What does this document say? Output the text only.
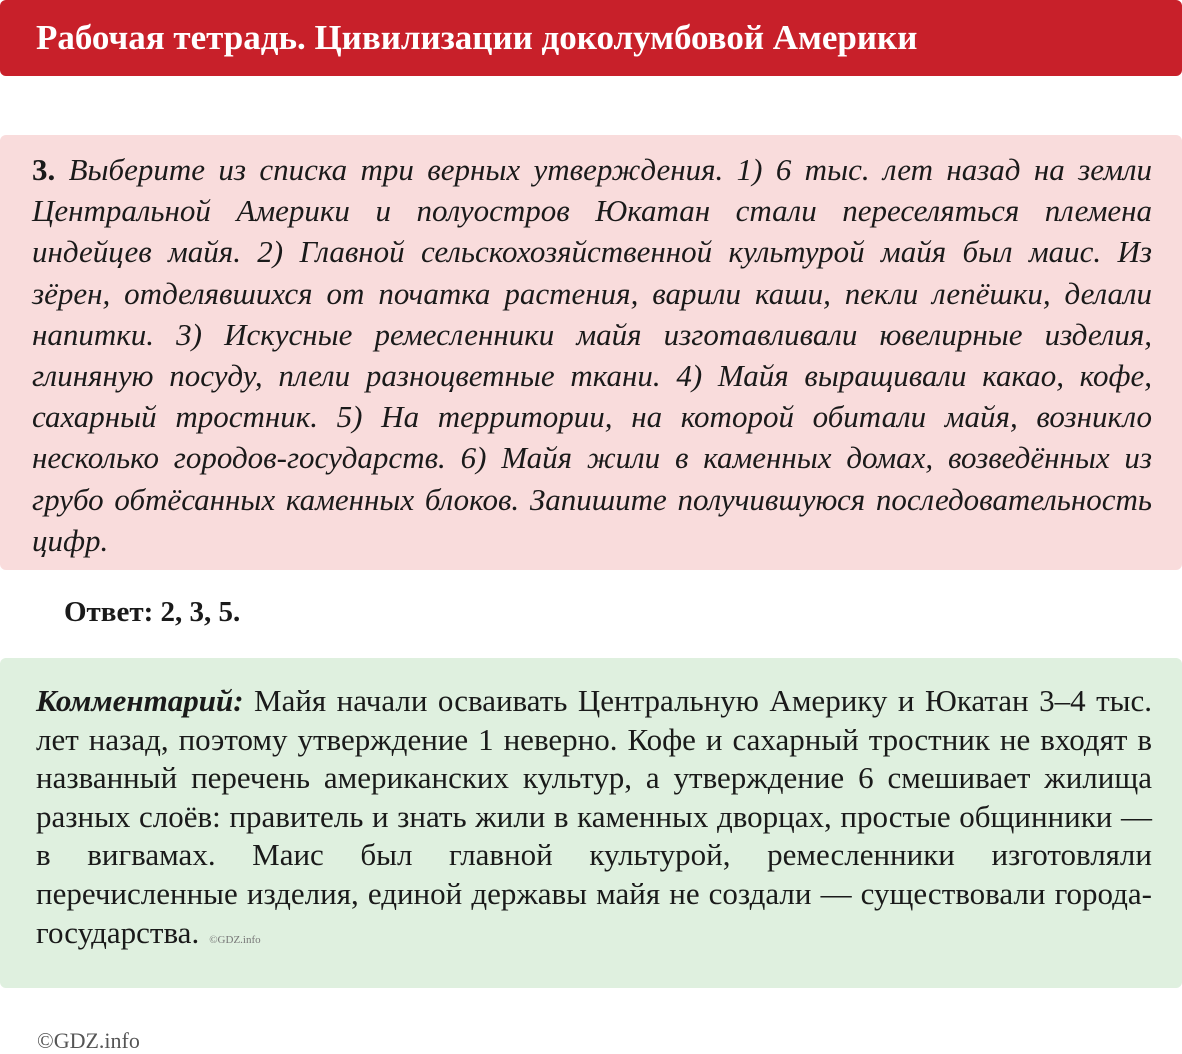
Рабочая тетрадь. Цивилизации доколумбовой Америки

3. Выберите из списка три верных утверждения. 1) 6 тыс. лет назад на земли Центральной Америки и полуостров Юкатан стали переселяться племена индейцев майя. 2) Главной сельскохозяйственной культурой майя был маис. Из зёрен, отделявшихся от початка растения, варили каши, пекли лепёшки, делали напитки. 3) Искусные ремесленники майя изготавливали ювелирные изделия, глиняную посуду, плели разноцветные ткани. 4) Майя выращивали какао, кофе, сахарный тростник. 5) На территории, на которой обитали майя, возникло несколько городов-государств. 6) Майя жили в каменных домах, возведённых из грубо обтёсанных каменных блоков. Запишите получившуюся последовательность цифр.

Ответ: 2, 3, 5.

Комментарий: Майя начали осваивать Центральную Америку и Юкатан 3–4 тыс. лет назад, поэтому утверждение 1 неверно. Кофе и сахарный тростник не входят в названный перечень американских культур, а утверждение 6 смешивает жилища разных слоёв: правитель и знать жили в каменных дворцах, простые общинники — в вигвамах. Маис был главной культурой, ремесленники изготовляли перечисленные изделия, единой державы майя не создали — существовали города-государства. ©GDZ.info

©GDZ.info
